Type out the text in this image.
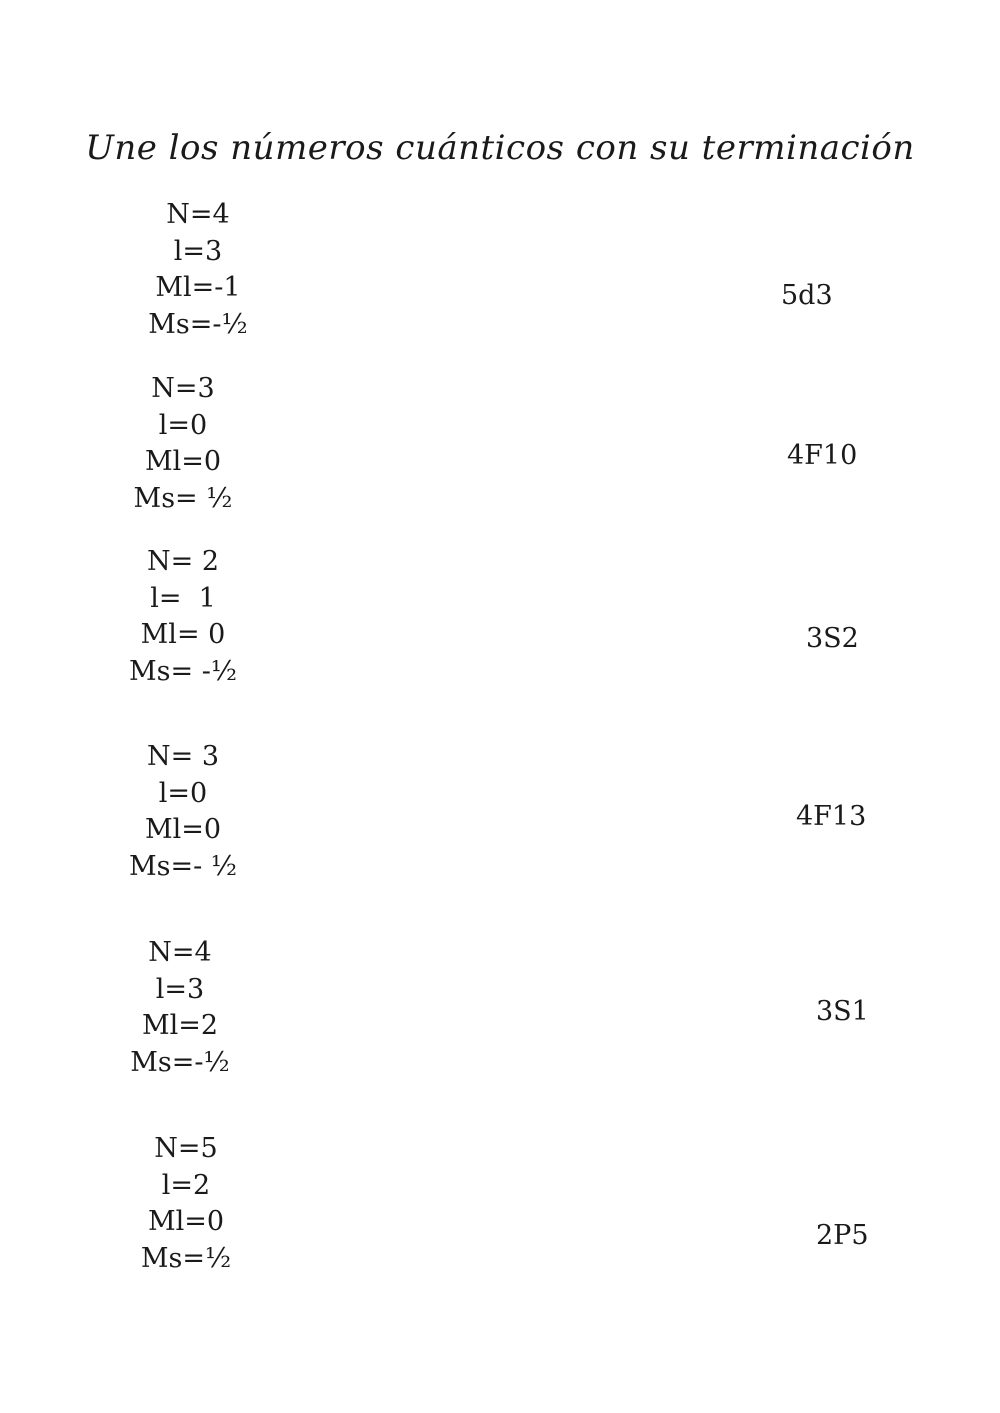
Une los números cuánticos con su terminación
N=4
l=3
Ml=-1
Ms=-½
N=3
l=0
Ml=0
Ms= ½
N= 2
l=  1
Ml= 0
Ms= -½
N= 3
l=0
Ml=0
Ms=- ½
N=4
l=3
Ml=2
Ms=-½
N=5
l=2
Ml=0
Ms=½
5d3
4F10
3S2
4F13
3S1
2P5
